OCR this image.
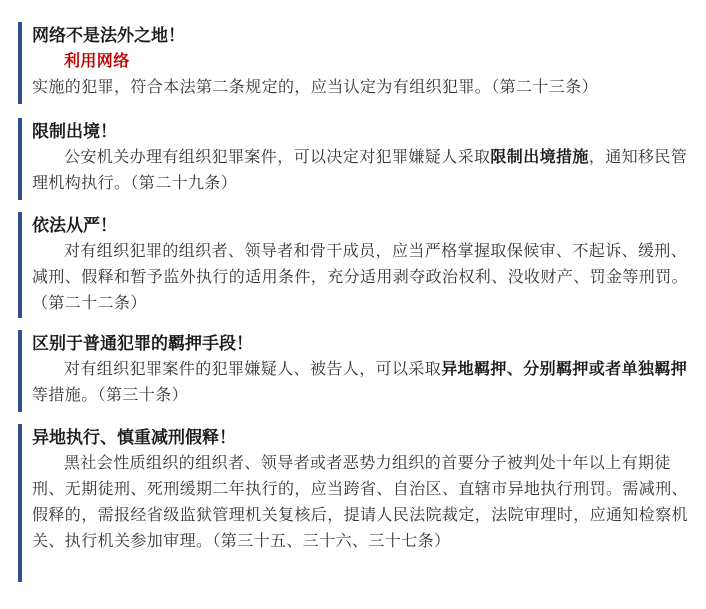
网络不是法外之地！

利用网络实施的犯罪，符合本法第二条规定的，应当认定为有组织犯罪。（第二十三条）

限制出境！

公安机关办理有组织犯罪案件，可以决定对犯罪嫌疑人采取限制出境措施，通知移民管理机构执行。（第二十九条）

依法从严！

对有组织犯罪的组织者、领导者和骨干成员，应当严格掌握取保候审、不起诉、缓刑、减刑、假释和暂予监外执行的适用条件，充分适用剥夺政治权利、没收财产、罚金等刑罚。（第二十二条）

区别于普通犯罪的羁押手段！

对有组织犯罪案件的犯罪嫌疑人、被告人，可以采取异地羁押、分别羁押或者单独羁押等措施。（第三十条）

异地执行、慎重减刑假释！

黑社会性质组织的组织者、领导者或者恶势力组织的首要分子被判处十年以上有期徒刑、无期徒刑、死刑缓期二年执行的，应当跨省、自治区、直辖市异地执行刑罚。需减刑、假释的，需报经省级监狱管理机关复核后，提请人民法院裁定，法院审理时，应通知检察机关、执行机关参加审理。（第三十五、三十六、三十七条）
